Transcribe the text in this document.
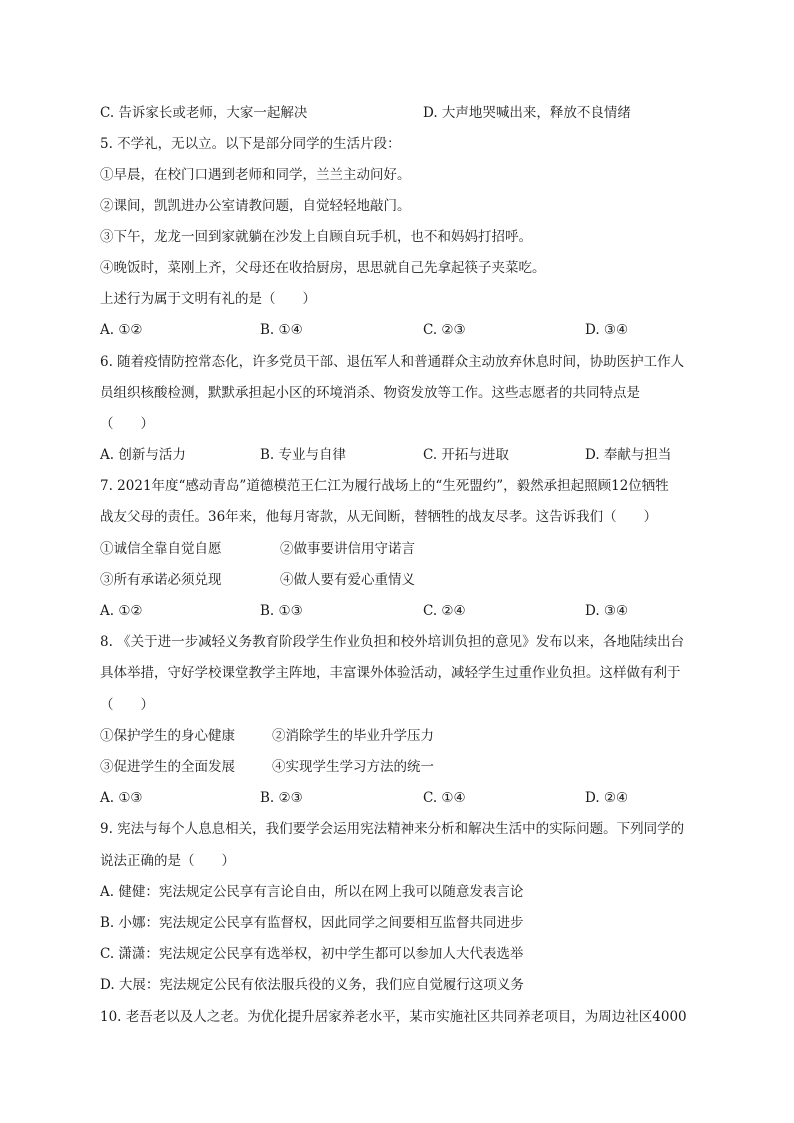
C. 告诉家长或老师，大家一起解决	D. 大声地哭喊出来，释放不良情绪
5. 不学礼，无以立。以下是部分同学的生活片段：
①早晨，在校门口遇到老师和同学，兰兰主动问好。
②课间，凯凯进办公室请教问题，自觉轻轻地敲门。
③下午，龙龙一回到家就躺在沙发上自顾自玩手机，也不和妈妈打招呼。
④晚饭时，菜刚上齐，父母还在收拾厨房，思思就自己先拿起筷子夹菜吃。
上述行为属于文明有礼的是（　　）
A. ①②	B. ①④	C. ②③	D. ③④
6. 随着疫情防控常态化，许多党员干部、退伍军人和普通群众主动放弃休息时间，协助医护工作人
员组织核酸检测，默默承担起小区的环境消杀、物资发放等工作。这些志愿者的共同特点是
（　　）
A. 创新与活力	B. 专业与自律	C. 开拓与进取	D. 奉献与担当
7. 2021年度“感动青岛”道德模范王仁江为履行战场上的“生死盟约”，毅然承担起照顾12位牺牲
战友父母的责任。36年来，他每月寄款，从无间断，替牺牲的战友尽孝。这告诉我们（　　）
①诚信全靠自觉自愿	②做事要讲信用守诺言
③所有承诺必须兑现	④做人要有爱心重情义
A. ①②	B. ①③	C. ②④	D. ③④
8. 《关于进一步减轻义务教育阶段学生作业负担和校外培训负担的意见》发布以来，各地陆续出台
具体举措，守好学校课堂教学主阵地，丰富课外体验活动，减轻学生过重作业负担。这样做有利于
（　　）
①保护学生的身心健康	②消除学生的毕业升学压力
③促进学生的全面发展	④实现学生学习方法的统一
A. ①③	B. ②③	C. ①④	D. ②④
9. 宪法与每个人息息相关，我们要学会运用宪法精神来分析和解决生活中的实际问题。下列同学的
说法正确的是（　　）
A. 健健：宪法规定公民享有言论自由，所以在网上我可以随意发表言论
B. 小娜：宪法规定公民享有监督权，因此同学之间要相互监督共同进步
C. 潇潇：宪法规定公民享有选举权，初中学生都可以参加人大代表选举
D. 大展：宪法规定公民有依法服兵役的义务，我们应自觉履行这项义务
10. 老吾老以及人之老。为优化提升居家养老水平，某市实施社区共同养老项目，为周边社区4000
